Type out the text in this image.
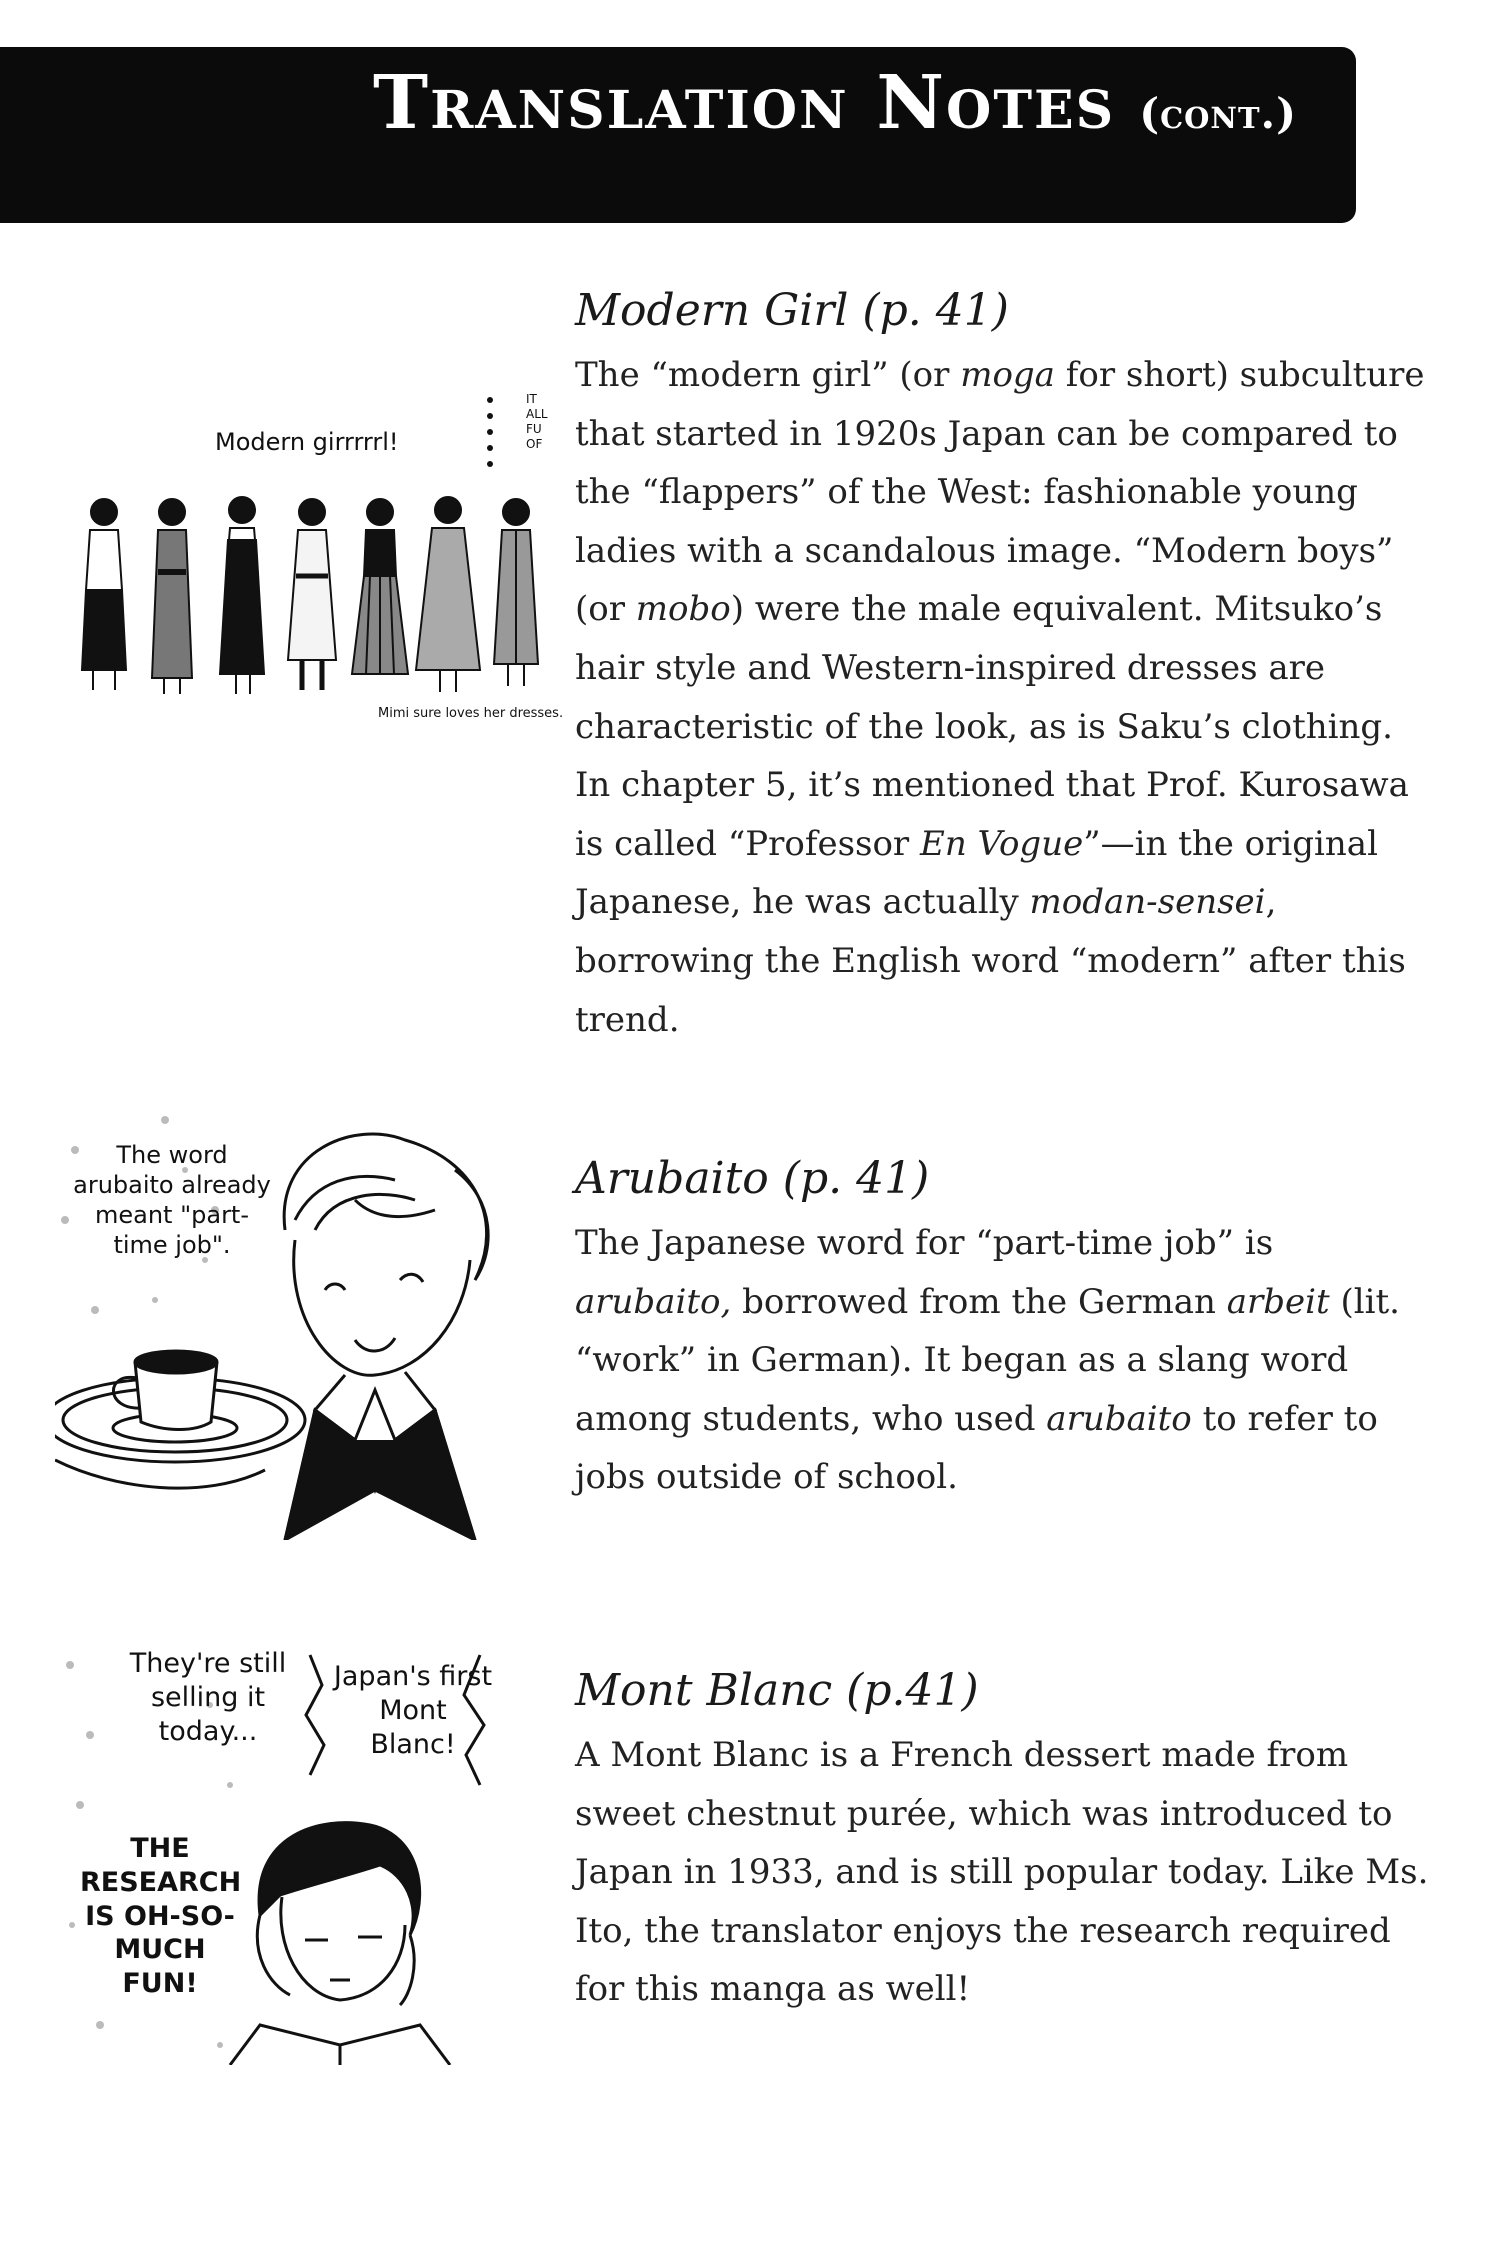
Translation Notes (cont.)
Modern girrrrrl!
Mimi sure loves her dresses.
IT ALL FU OF
Modern Girl (p. 41)

The “modern girl” (or moga for short) subculture that started in 1920s Japan can be compared to the “flappers” of the West: fashionable young ladies with a scandalous image. “Modern boys” (or mobo) were the male equivalent. Mitsuko’s hair style and Western-inspired dresses are characteristic of the look, as is Saku’s clothing. In chapter 5, it’s mentioned that Prof. Kurosawa is called “Professor En Vogue”—in the original Japanese, he was actually modan-sensei, borrowing the English word “modern” after this trend.

The word arubaito already meant "part-time job".
Arubaito (p. 41)

The Japanese word for “part-time job” is arubaito, borrowed from the German arbeit (lit. “work” in German). It began as a slang word among students, who used arubaito to refer to jobs outside of school.

They're still selling it today...
Japan's first Mont Blanc!
THE RESEARCH IS OH-SO-MUCH FUN!
Mont Blanc (p.41)

A Mont Blanc is a French dessert made from sweet chestnut purée, which was introduced to Japan in 1933, and is still popular today. Like Ms. Ito, the translator enjoys the research required for this manga as well!
